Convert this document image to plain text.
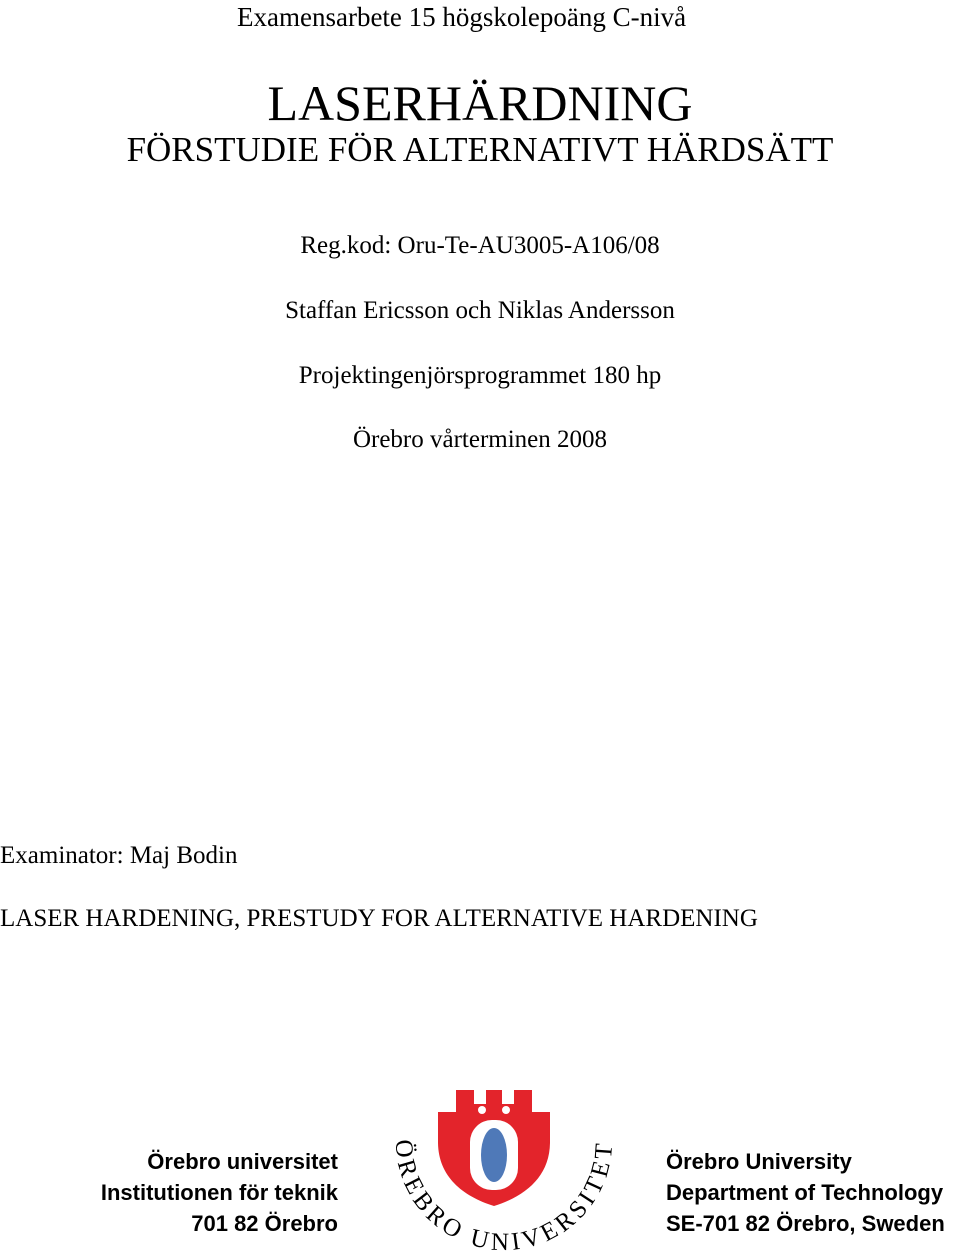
Examensarbete 15 högskolepoäng C-nivå
LASERHÄRDNING
FÖRSTUDIE FÖR ALTERNATIVT HÄRDSÄTT
Reg.kod: Oru-Te-AU3005-A106/08
Staffan Ericsson och Niklas Andersson
Projektingenjörsprogrammet 180 hp
Örebro vårterminen 2008
Examinator: Maj Bodin
LASER HARDENING, PRESTUDY FOR ALTERNATIVE HARDENING
Örebro universitet
Institutionen för teknik
701 82 Örebro
ÖREBRO UNIVERSITET Örebro University
Department of Technology
SE-701 82 Örebro, Sweden
